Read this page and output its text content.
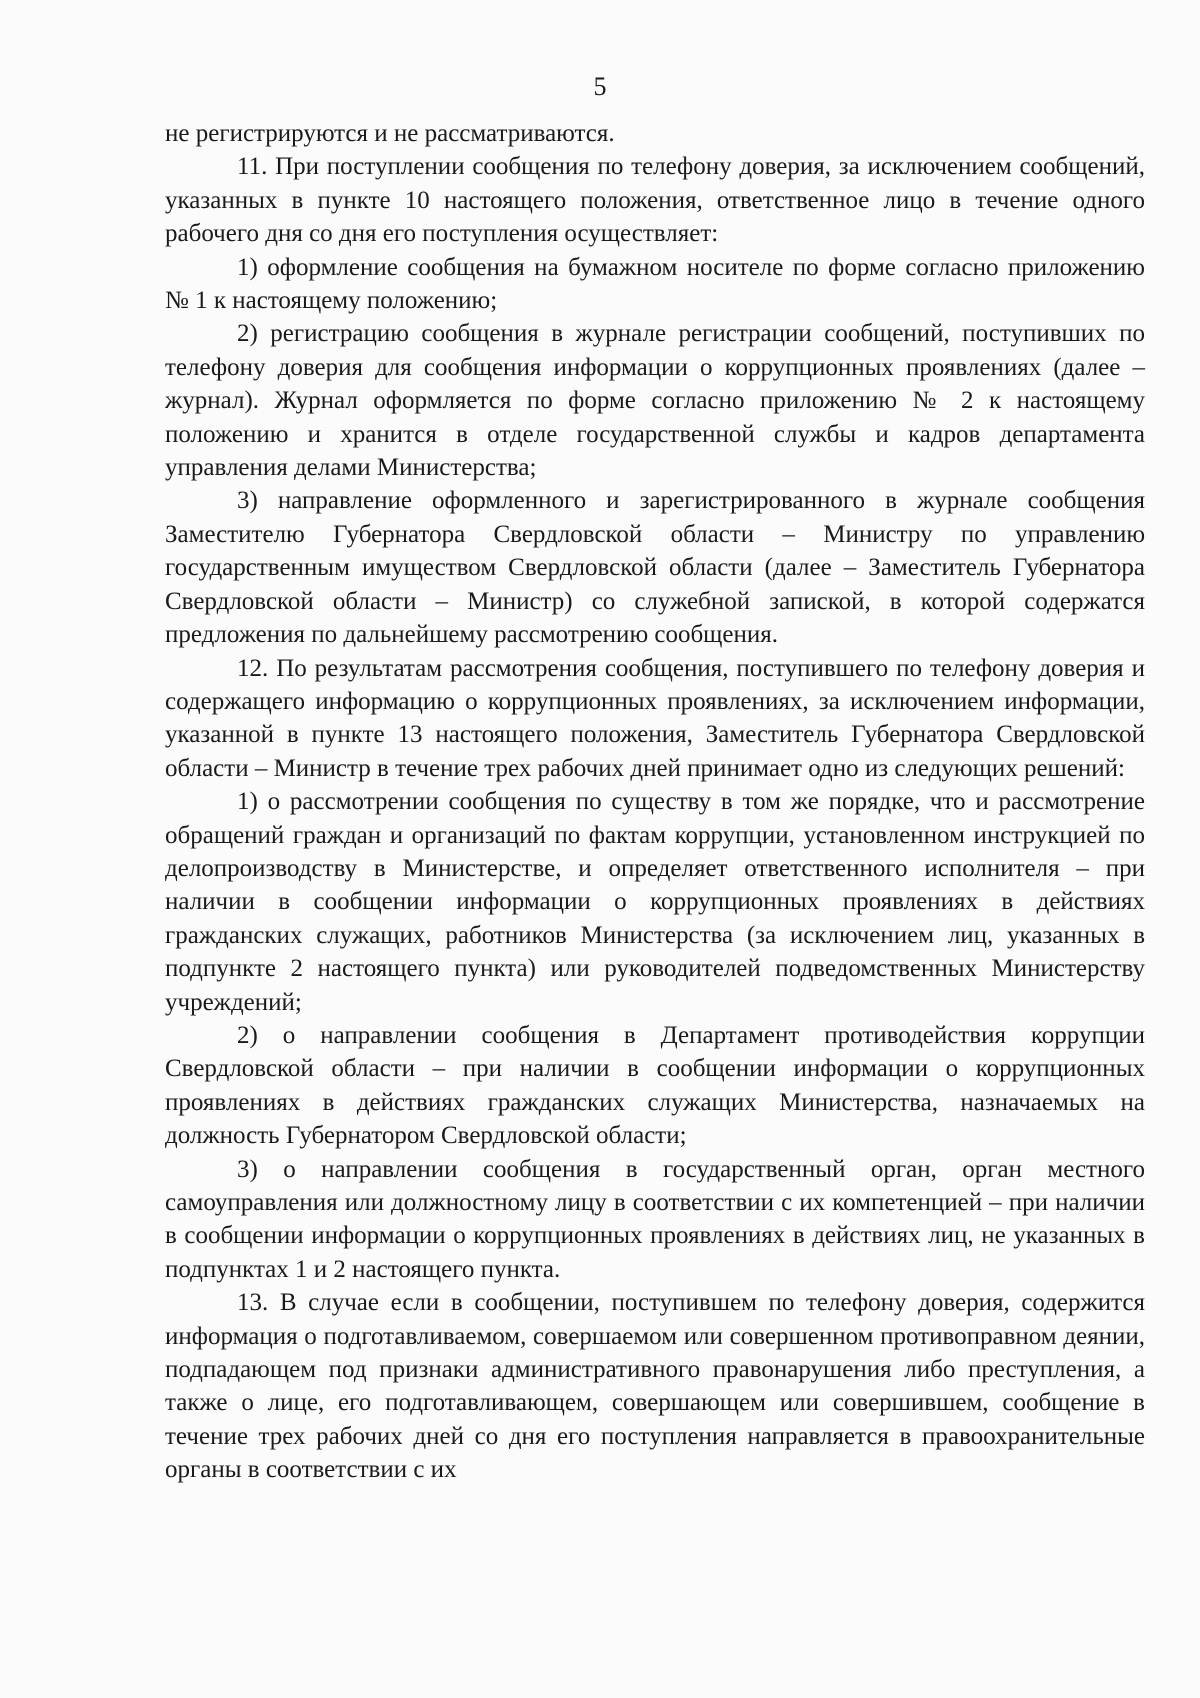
5

не регистрируются и не рассматриваются.

11. При поступлении сообщения по телефону доверия, за исключением сообщений, указанных в пункте 10 настоящего положения, ответственное лицо в течение одного рабочего дня со дня его поступления осуществляет:

1) оформление сообщения на бумажном носителе по форме согласно приложению № 1 к настоящему положению;

2) регистрацию сообщения в журнале регистрации сообщений, поступивших по телефону доверия для сообщения информации о коррупционных проявлениях (далее – журнал). Журнал оформляется по форме согласно приложению № 2 к настоящему положению и хранится в отделе государственной службы и кадров департамента управления делами Министерства;

3) направление оформленного и зарегистрированного в журнале сообщения Заместителю Губернатора Свердловской области – Министру по управлению государственным имуществом Свердловской области (далее – Заместитель Губернатора Свердловской области – Министр) со служебной запиской, в которой содержатся предложения по дальнейшему рассмотрению сообщения.

12. По результатам рассмотрения сообщения, поступившего по телефону доверия и содержащего информацию о коррупционных проявлениях, за исключением информации, указанной в пункте 13 настоящего положения, Заместитель Губернатора Свердловской области – Министр в течение трех рабочих дней принимает одно из следующих решений:

1) о рассмотрении сообщения по существу в том же порядке, что и рассмотрение обращений граждан и организаций по фактам коррупции, установленном инструкцией по делопроизводству в Министерстве, и определяет ответственного исполнителя – при наличии в сообщении информации о коррупционных проявлениях в действиях гражданских служащих, работников Министерства (за исключением лиц, указанных в подпункте 2 настоящего пункта) или руководителей подведомственных Министерству учреждений;

2) о направлении сообщения в Департамент противодействия коррупции Свердловской области – при наличии в сообщении информации о коррупционных проявлениях в действиях гражданских служащих Министерства, назначаемых на должность Губернатором Свердловской области;

3) о направлении сообщения в государственный орган, орган местного самоуправления или должностному лицу в соответствии с их компетенцией – при наличии в сообщении информации о коррупционных проявлениях в действиях лиц, не указанных в подпунктах 1 и 2 настоящего пункта.

13. В случае если в сообщении, поступившем по телефону доверия, содержится информация о подготавливаемом, совершаемом или совершенном противоправном деянии, подпадающем под признаки административного правонарушения либо преступления, а также о лице, его подготавливающем, совершающем или совершившем, сообщение в течение трех рабочих дней со дня его поступления направляется в правоохранительные органы в соответствии с их
